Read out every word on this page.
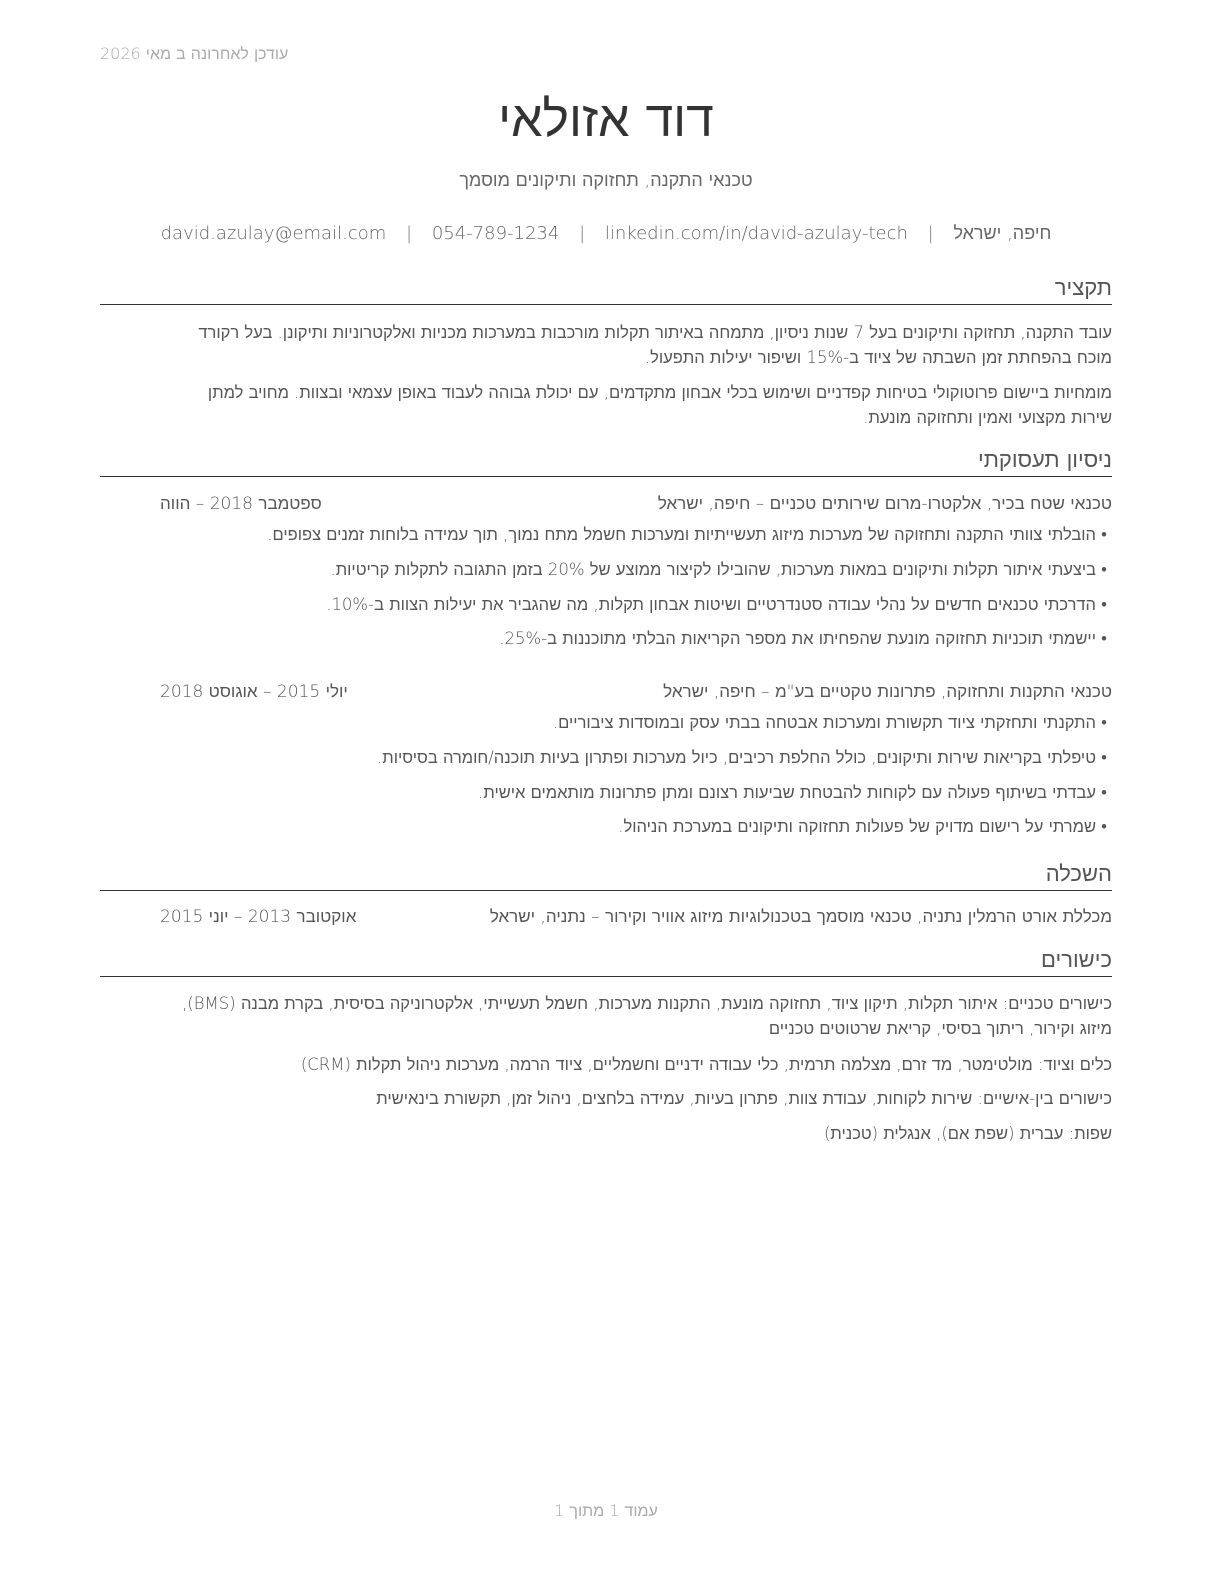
עודכן לאחרונה ב מאי 2026
דוד אזולאי
טכנאי התקנה, תחזוקה ותיקונים מוסמך
חיפה, ישראל | david.azulay@email.com | 054-789-1234 | linkedin.com/in/david-azulay-tech
תקציר
עובד התקנה, תחזוקה ותיקונים בעל 7 שנות ניסיון, מתמחה באיתור תקלות מורכבות במערכות מכניות ואלקטרוניות ותיקונן. בעל רקורד
מוכח בהפחתת זמן השבתה של ציוד ב-15% ושיפור יעילות התפעול.
מומחיות ביישום פרוטוקולי בטיחות קפדניים ושימוש בכלי אבחון מתקדמים, עם יכולת גבוהה לעבוד באופן עצמאי ובצוות. מחויב למתן
שירות מקצועי ואמין ותחזוקה מונעת.
ניסיון תעסוקתי
טכנאי שטח בכיר, אלקטרו-מרום שירותים טכניים – חיפה, ישראל
ספטמבר 2018 – הווה
•הובלתי צוותי התקנה ותחזוקה של מערכות מיזוג תעשייתיות ומערכות חשמל מתח נמוך, תוך עמידה בלוחות זמנים צפופים.
•ביצעתי איתור תקלות ותיקונים במאות מערכות, שהובילו לקיצור ממוצע של 20% בזמן התגובה לתקלות קריטיות.
•הדרכתי טכנאים חדשים על נהלי עבודה סטנדרטיים ושיטות אבחון תקלות, מה שהגביר את יעילות הצוות ב-10%.
•יישמתי תוכניות תחזוקה מונעת שהפחיתו את מספר הקריאות הבלתי מתוכננות ב-25%.
טכנאי התקנות ותחזוקה, פתרונות טקטיים בע"מ – חיפה, ישראל
יולי 2015 – אוגוסט 2018
•התקנתי ותחזקתי ציוד תקשורת ומערכות אבטחה בבתי עסק ובמוסדות ציבוריים.
•טיפלתי בקריאות שירות ותיקונים, כולל החלפת רכיבים, כיול מערכות ופתרון בעיות תוכנה/חומרה בסיסיות.
•עבדתי בשיתוף פעולה עם לקוחות להבטחת שביעות רצונם ומתן פתרונות מותאמים אישית.
•שמרתי על רישום מדויק של פעולות תחזוקה ותיקונים במערכת הניהול.
השכלה
מכללת אורט הרמלין נתניה, טכנאי מוסמך בטכנולוגיות מיזוג אוויר וקירור – נתניה, ישראל
אוקטובר 2013 – יוני 2015
כישורים
כישורים טכניים: איתור תקלות, תיקון ציוד, תחזוקה מונעת, התקנות מערכות, חשמל תעשייתי, אלקטרוניקה בסיסית, בקרת מבנה (BMS),
מיזוג וקירור, ריתוך בסיסי, קריאת שרטוטים טכניים
כלים וציוד: מולטימטר, מד זרם, מצלמה תרמית, כלי עבודה ידניים וחשמליים, ציוד הרמה, מערכות ניהול תקלות (CRM)
כישורים בין-אישיים: שירות לקוחות, עבודת צוות, פתרון בעיות, עמידה בלחצים, ניהול זמן, תקשורת בינאישית
שפות: עברית (שפת אם), אנגלית (טכנית)
עמוד 1 מתוך 1
